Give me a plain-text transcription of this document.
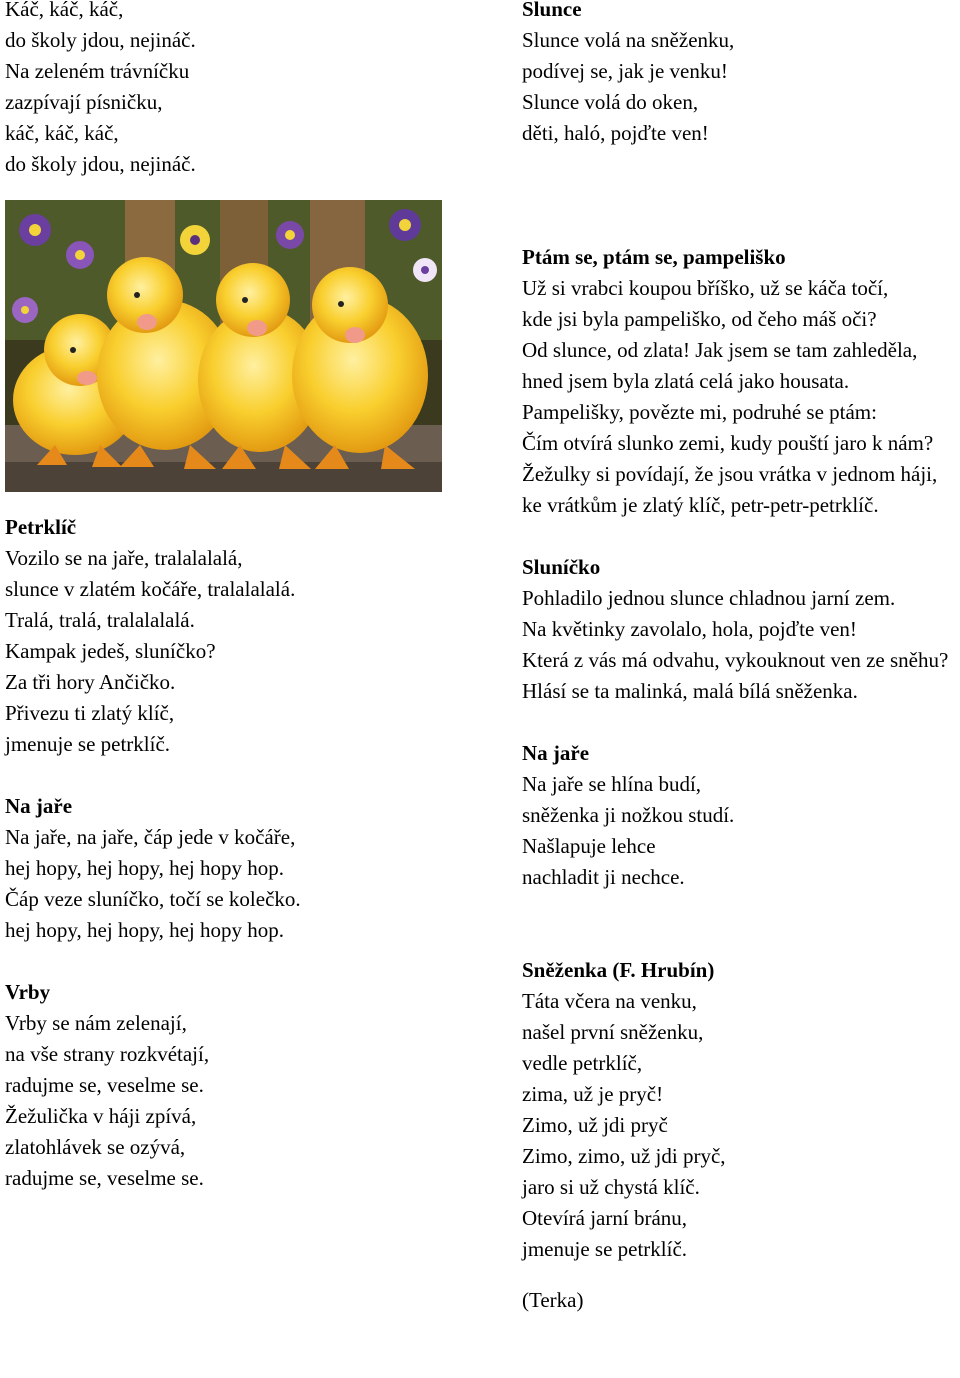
Káč, káč, káč,
do školy jdou, nejináč.
Na zeleném trávníčku
zazpívají písničku,
káč, káč, káč,
do školy jdou, nejináč.
Petrklíč
Vozilo se na jaře, tralalalalá,
slunce v zlatém kočáře, tralalalalá.
Tralá, tralá, tralalalalá.
Kampak jedeš, sluníčko?
Za tři hory Ančičko.
Přivezu ti zlatý klíč,
jmenuje se petrklíč.
Na jaře
Na jaře, na jaře, čáp jede v kočáře,
hej hopy, hej hopy, hej hopy hop.
Čáp veze sluníčko, točí se kolečko.
hej hopy, hej hopy, hej hopy hop.
Vrby
Vrby se nám zelenají,
na vše strany rozkvétají,
radujme se, veselme se.
Žežulička v háji zpívá,
zlatohlávek se ozývá,
radujme se, veselme se.
Slunce
Slunce volá na sněženku,
podívej se, jak je venku!
Slunce volá do oken,
děti, haló, pojďte ven!
Ptám se, ptám se, pampeliško
Už si vrabci koupou bříško, už se káča točí,
kde jsi byla pampeliško, od čeho máš oči?
Od slunce, od zlata! Jak jsem se tam zahleděla,
hned jsem byla zlatá celá jako housata.
Pampelišky, povězte mi, podruhé se ptám:
Čím otvírá slunko zemi, kudy pouští jaro k nám?
Žežulky si povídají, že jsou vrátka v jednom háji,
ke vrátkům je zlatý klíč, petr-petr-petrklíč.
Sluníčko
Pohladilo jednou slunce chladnou jarní zem.
Na květinky zavolalo, hola, pojďte ven!
Která z vás má odvahu, vykouknout ven ze sněhu?
Hlásí se ta malinká, malá bílá sněženka.
Na jaře
Na jaře se hlína budí,
sněženka ji nožkou studí.
Našlapuje lehce
nachladit ji nechce.
Sněženka (F. Hrubín)
Táta včera na venku,
našel první sněženku,
vedle petrklíč,
zima, už je pryč!
Zimo, už jdi pryč
Zimo, zimo, už jdi pryč,
jaro si už chystá klíč.
Otevírá jarní bránu,
jmenuje se petrklíč.
(Terka)
